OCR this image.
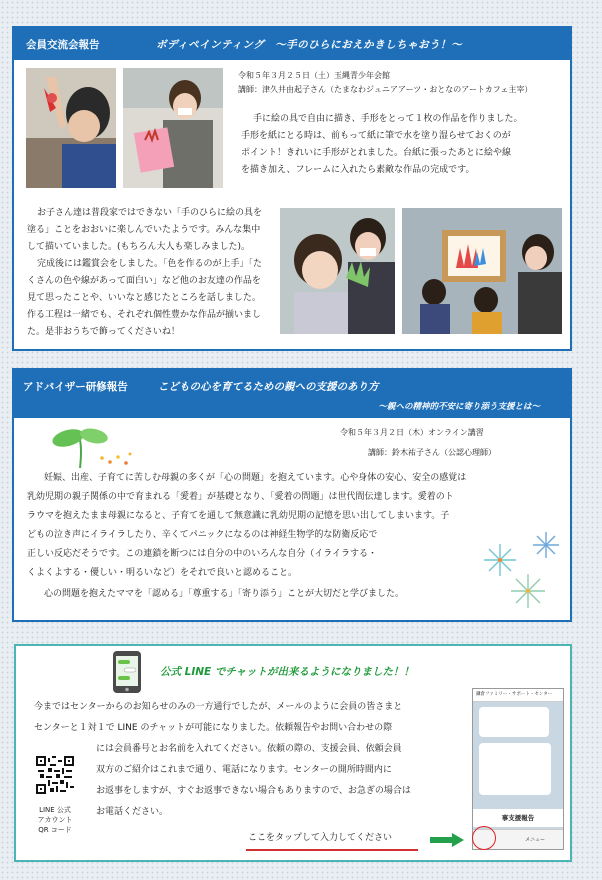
会員交流会報告	ボディペインティング　～手のひらにおえかきしちゃおう！～
令和５年３月２５日（土）玉縄青少年会館
講師：津久井由起子さん（たまなわジュニアアーツ・おとなのアートカフェ主宰）
手に絵の具で自由に描き、手形をとって１枚の作品を作りました。
手形を紙にとる時は、前もって紙に筆で水を塗り湿らせておくのが
ポイント！きれいに手形がとれました。台紙に張ったあとに絵や線
を描き加え、フレームに入れたら素敵な作品の完成です。
お子さん達は普段家ではできない「手のひらに絵の具を
塗る」ことをおおいに楽しんでいたようです。みんな集中
して描いていました。(もちろん大人も楽しみました)。
完成後には鑑賞会をしました。「色を作るのが上手」「た
くさんの色や線があって面白い」など他のお友達の作品を
見て思ったことや、いいなと感じたところを話しました。
作る工程は一緒でも、それぞれ個性豊かな作品が揃いまし
た。是非おうちで飾ってくださいね！
アドバイザー研修報告	こどもの心を育てるための親への支援のあり方
～親への精神的不安に寄り添う支援とは～
令和５年３月２日（木）オンライン講習
講師：鈴木祐子さん（公認心理師）
妊娠、出産、子育てに苦しむ母親の多くが「心の問題」を抱えています。心や身体の安心、安全の感覚は
乳幼児期の親子関係の中で育まれる「愛着」が基礎となり、「愛着の問題」は世代間伝達します。愛着のト
ラウマを抱えたまま母親になると、子育てを通して無意識に乳幼児期の記憶を思い出してしまいます。子
どもの泣き声にイライラしたり、辛くてパニックになるのは神経生物学的な防衛反応で
正しい反応だそうです。この連鎖を断つには自分の中のいろんな自分（イライラする・
くよくよする・優しい・明るいなど）をそれで良いと認めること。
心の問題を抱えたママを「認める」「尊重する」「寄り添う」ことが大切だと学びました。
公式 LINE でチャットが出来るようになりました！！
今まではセンターからのお知らせのみの一方通行でしたが、メールのように会員の皆さまと
センターと１対１で LINE のチャットが可能になりました。依頼報告やお問い合わせの際
には会員番号とお名前を入れてください。依頼の際の、支援会員、依頼会員
双方のご紹介はこれまで通り、電話になります。センターの開所時間内に
お返事をしますが、すぐお返事できない場合もありますので、お急ぎの場合は
お電話ください。
LINE 公式
アカウント
QR コード
ここをタップして入力してください
鎌倉ファミリー・サポート・センター
事支援報告
メニュー
